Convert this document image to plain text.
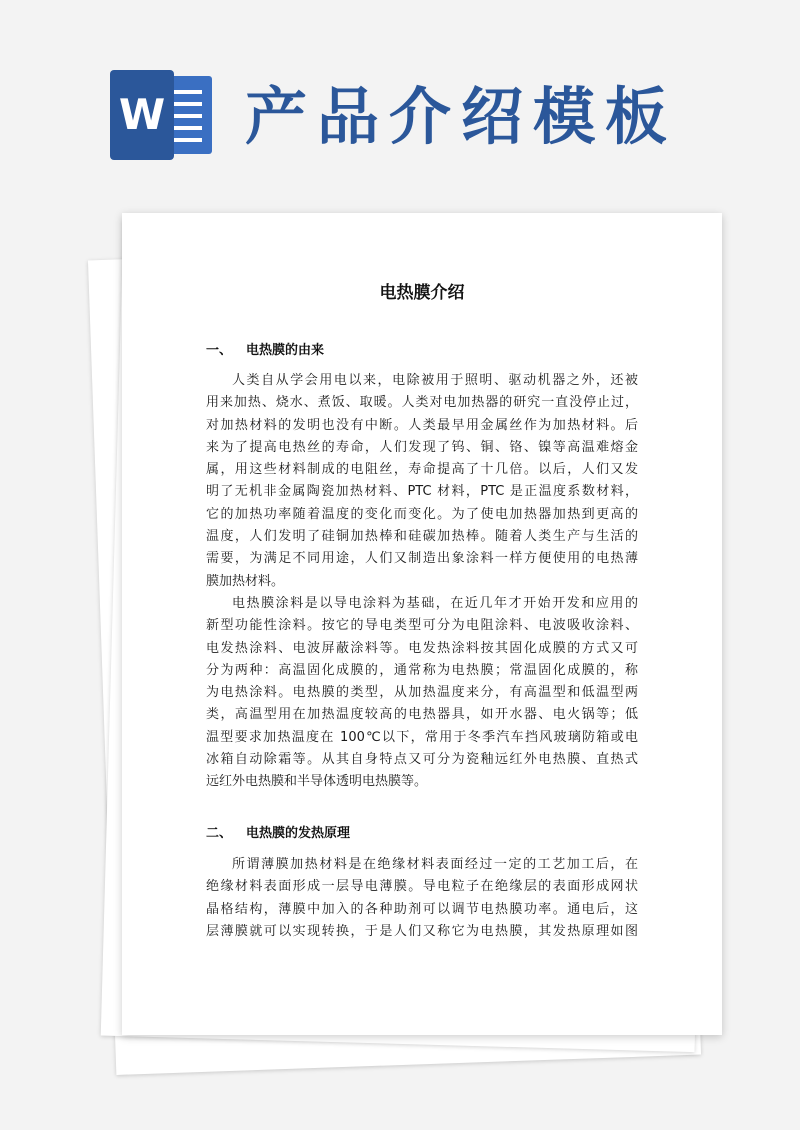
W 产品介绍模板
电热膜介绍
一、 电热膜的由来
人类自从学会用电以来，电除被用于照明、驱动机器之外，还被
用来加热、烧水、煮饭、取暖。人类对电加热器的研究一直没停止过，
对加热材料的发明也没有中断。人类最早用金属丝作为加热材料。后
来为了提高电热丝的寿命，人们发现了钨、铜、铬、镍等高温难熔金
属，用这些材料制成的电阻丝，寿命提高了十几倍。以后，人们又发
明了无机非金属陶瓷加热材料、PTC 材料，PTC 是正温度系数材料，
它的加热功率随着温度的变化而变化。为了使电加热器加热到更高的
温度，人们发明了硅铜加热棒和硅碳加热棒。随着人类生产与生活的
需要，为满足不同用途，人们又制造出象涂料一样方便使用的电热薄
膜加热材料。
电热膜涂料是以导电涂料为基础，在近几年才开始开发和应用的
新型功能性涂料。按它的导电类型可分为电阻涂料、电波吸收涂料、
电发热涂料、电波屏蔽涂料等。电发热涂料按其固化成膜的方式又可
分为两种：高温固化成膜的，通常称为电热膜；常温固化成膜的，称
为电热涂料。电热膜的类型，从加热温度来分，有高温型和低温型两
类，高温型用在加热温度较高的电热器具，如开水器、电火锅等；低
温型要求加热温度在 100℃以下，常用于冬季汽车挡风玻璃防箱或电
冰箱自动除霜等。从其自身特点又可分为瓷釉远红外电热膜、直热式
远红外电热膜和半导体透明电热膜等。
二、 电热膜的发热原理
所谓薄膜加热材料是在绝缘材料表面经过一定的工艺加工后，在
绝缘材料表面形成一层导电薄膜。导电粒子在绝缘层的表面形成网状
晶格结构，薄膜中加入的各种助剂可以调节电热膜功率。通电后，这
层薄膜就可以实现转换，于是人们又称它为电热膜，其发热原理如图
